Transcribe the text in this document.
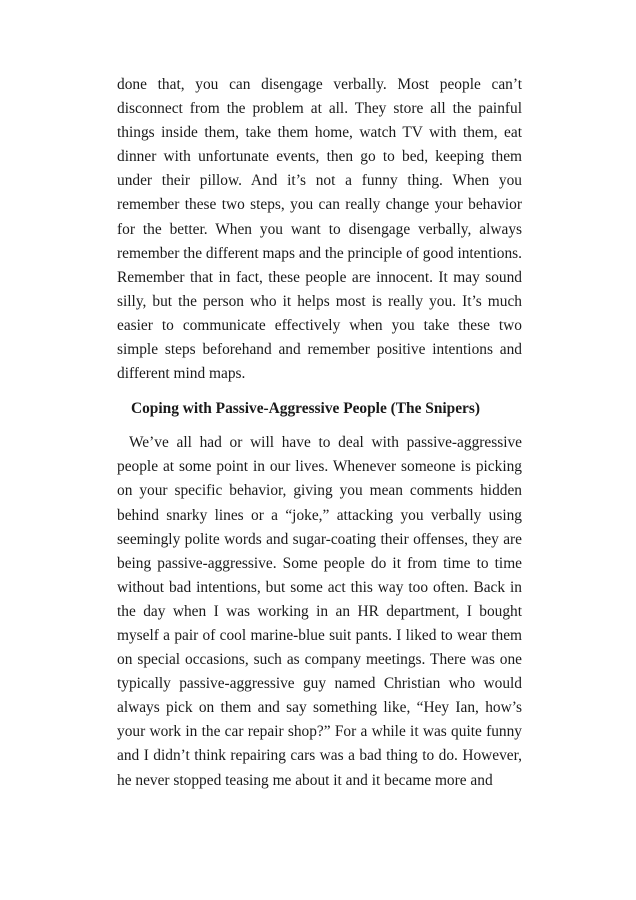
done that, you can disengage verbally. Most people can’t disconnect from the problem at all. They store all the painful things inside them, take them home, watch TV with them, eat dinner with unfortunate events, then go to bed, keeping them under their pillow. And it’s not a funny thing. When you remember these two steps, you can really change your behavior for the better. When you want to disengage verbally, always remember the different maps and the principle of good intentions. Remember that in fact, these people are innocent. It may sound silly, but the person who it helps most is really you. It’s much easier to communicate effectively when you take these two simple steps beforehand and remember positive intentions and different mind maps.

Coping with Passive-Aggressive People (The Snipers)

We’ve all had or will have to deal with passive-aggressive people at some point in our lives. Whenever someone is picking on your specific behavior, giving you mean comments hidden behind snarky lines or a “joke,” attacking you verbally using seemingly polite words and sugar-coating their offenses, they are being passive-aggressive. Some people do it from time to time without bad intentions, but some act this way too often. Back in the day when I was working in an HR department, I bought myself a pair of cool marine-blue suit pants. I liked to wear them on special occasions, such as company meetings. There was one typically passive-aggressive guy named Christian who would always pick on them and say something like, “Hey Ian, how’s your work in the car repair shop?” For a while it was quite funny and I didn’t think repairing cars was a bad thing to do. However, he never stopped teasing me about it and it became more and
